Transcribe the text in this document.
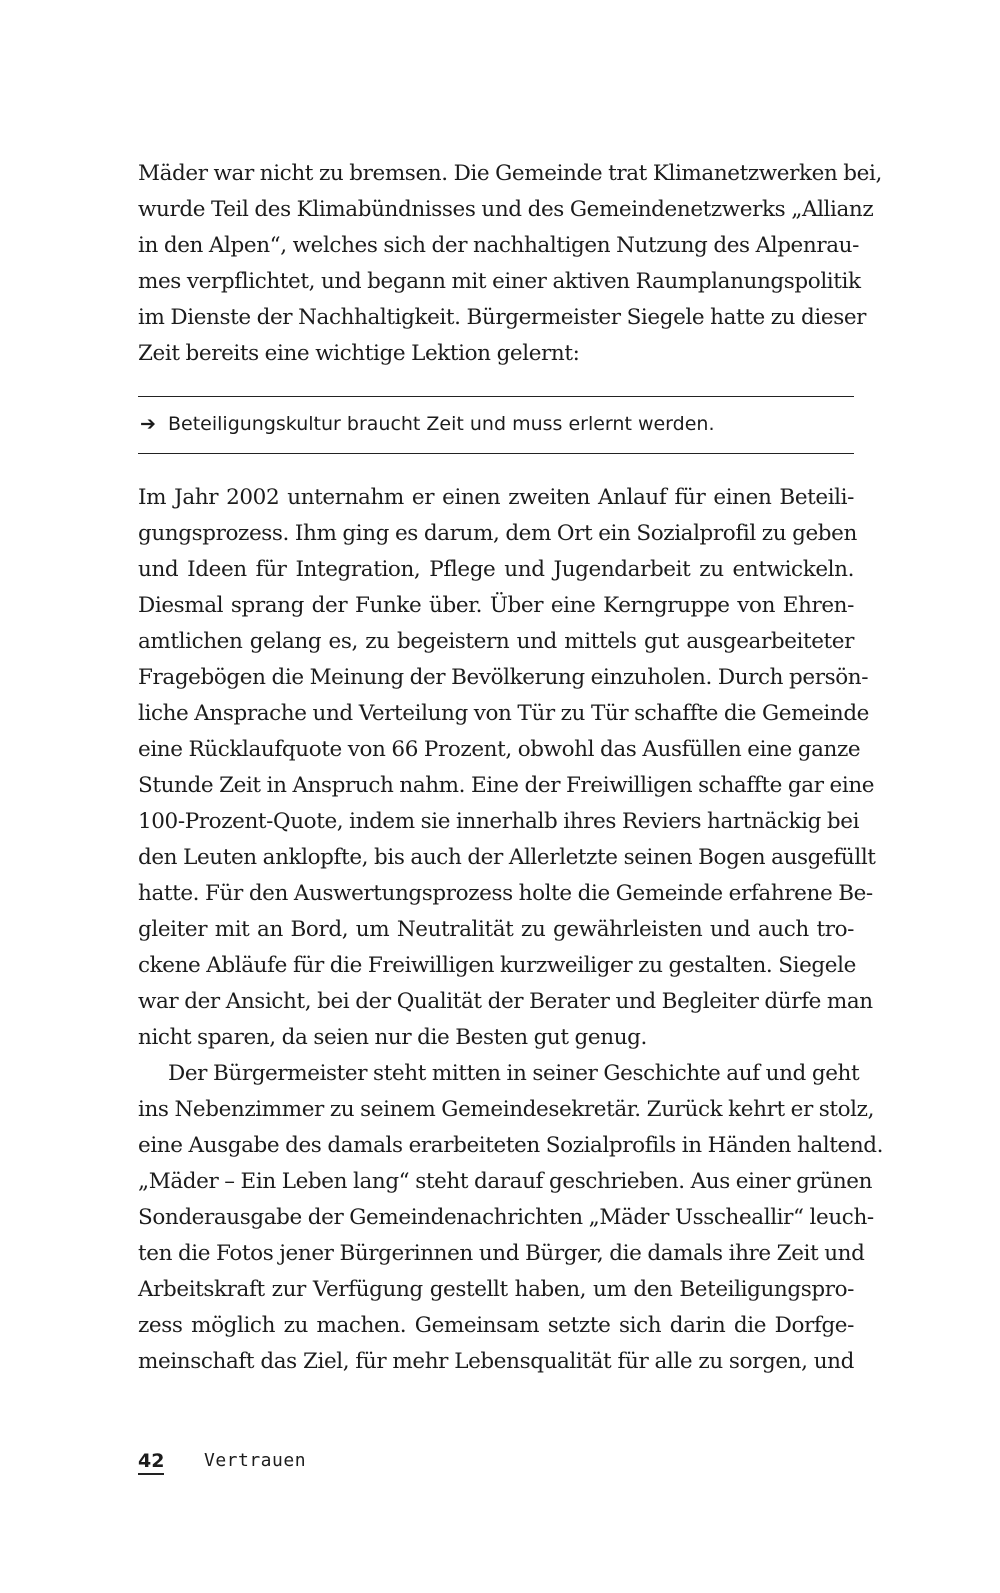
Mäder war nicht zu bremsen. Die Gemeinde trat Klimanetzwerken bei,
wurde Teil des Klimabündnisses und des Gemeindenetzwerks „Allianz
in den Alpen“, welches sich der nachhaltigen Nutzung des Alpenrau-
mes verpflichtet, und begann mit einer aktiven Raumplanungspolitik
im Dienste der Nachhaltigkeit. Bürgermeister Siegele hatte zu dieser
Zeit bereits eine wichtige Lektion gelernt:
➔ Beteiligungskultur braucht Zeit und muss erlernt werden.
Im Jahr 2002 unternahm er einen zweiten Anlauf für einen Beteili-
gungsprozess. Ihm ging es darum, dem Ort ein Sozialprofil zu geben
und Ideen für Integration, Pflege und Jugendarbeit zu entwickeln.
Diesmal sprang der Funke über. Über eine Kerngruppe von Ehren-
amtlichen gelang es, zu begeistern und mittels gut ausgearbeiteter
Fragebögen die Meinung der Bevölkerung einzuholen. Durch persön-
liche Ansprache und Verteilung von Tür zu Tür schaffte die Gemeinde
eine Rücklaufquote von 66 Prozent, obwohl das Ausfüllen eine ganze
Stunde Zeit in Anspruch nahm. Eine der Freiwilligen schaffte gar eine
100-Prozent-Quote, indem sie innerhalb ihres Reviers hartnäckig bei
den Leuten anklopfte, bis auch der Allerletzte seinen Bogen ausgefüllt
hatte. Für den Auswertungsprozess holte die Gemeinde erfahrene Be-
gleiter mit an Bord, um Neutralität zu gewährleisten und auch tro-
ckene Abläufe für die Freiwilligen kurzweiliger zu gestalten. Siegele
war der Ansicht, bei der Qualität der Berater und Begleiter dürfe man
nicht sparen, da seien nur die Besten gut genug.
Der Bürgermeister steht mitten in seiner Geschichte auf und geht
ins Nebenzimmer zu seinem Gemeindesekretär. Zurück kehrt er stolz,
eine Ausgabe des damals erarbeiteten Sozialprofils in Händen haltend.
„Mäder – Ein Leben lang“ steht darauf geschrieben. Aus einer grünen
Sonderausgabe der Gemeindenachrichten „Mäder Usscheallir“ leuch-
ten die Fotos jener Bürgerinnen und Bürger, die damals ihre Zeit und
Arbeitskraft zur Verfügung gestellt haben, um den Beteiligungspro-
zess möglich zu machen. Gemeinsam setzte sich darin die Dorfge-
meinschaft das Ziel, für mehr Lebensqualität für alle zu sorgen, und
42 Vertrauen
